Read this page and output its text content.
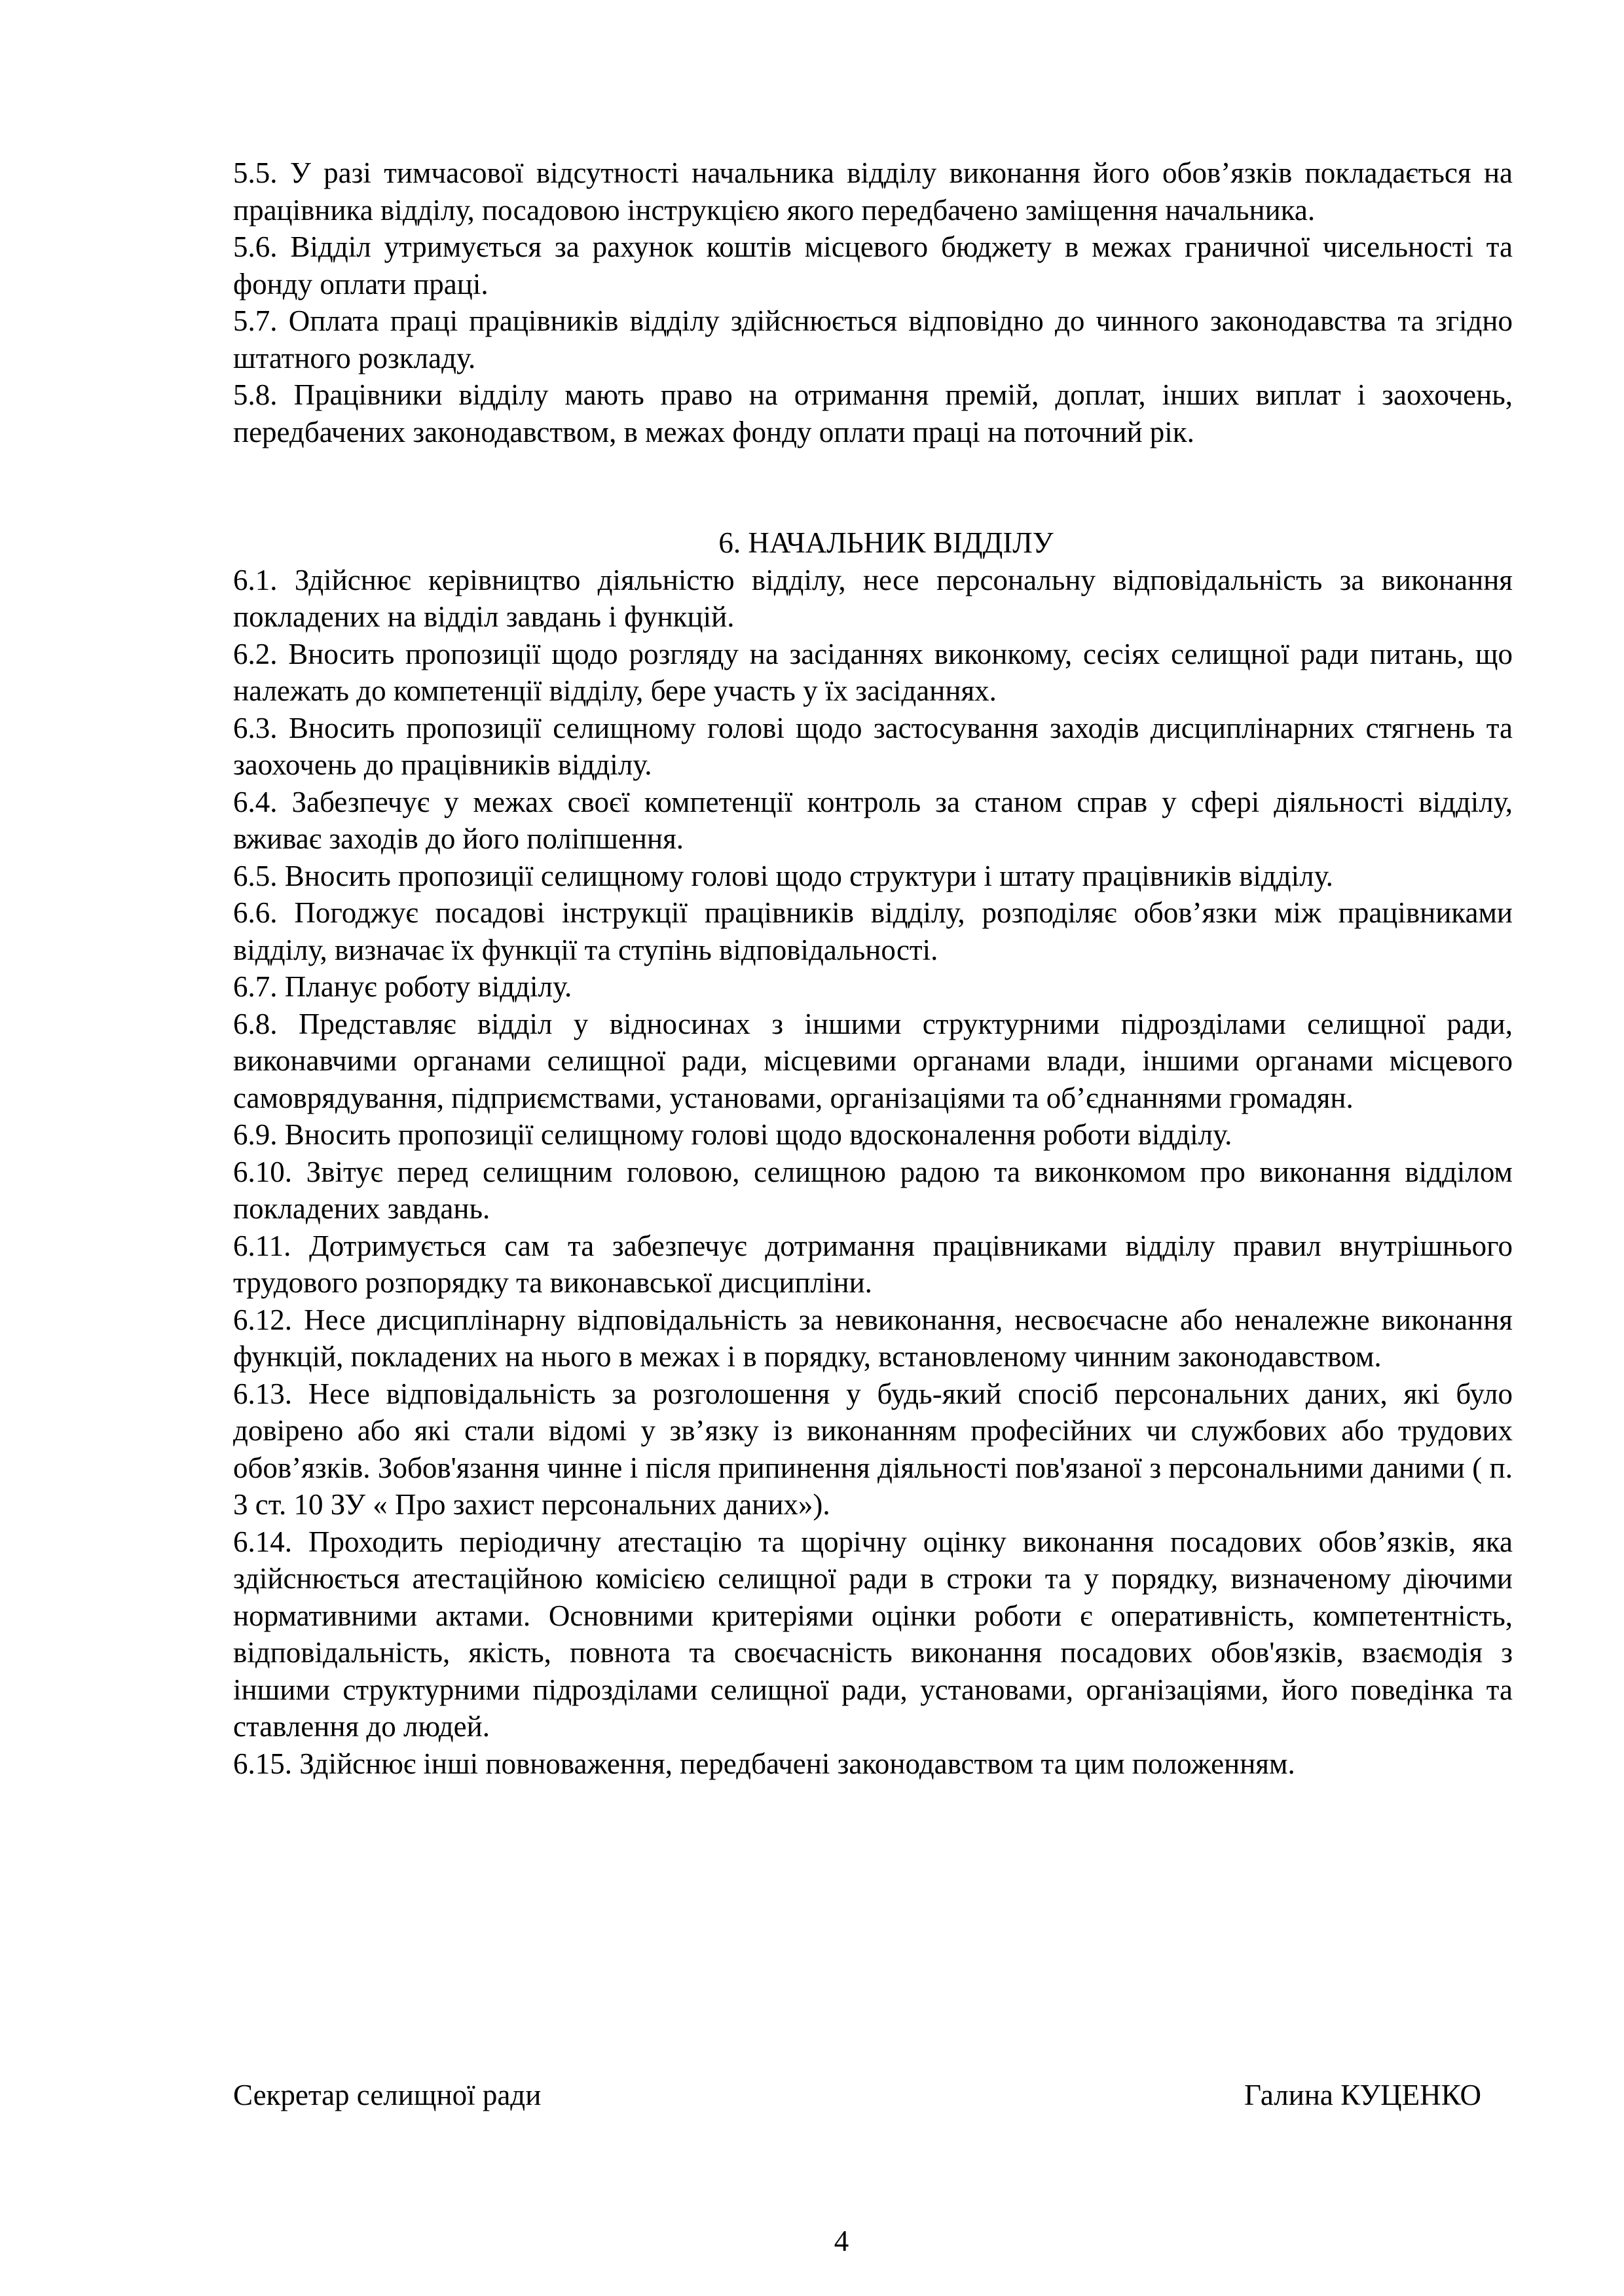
5.5. У разі тимчасової відсутності начальника відділу виконання його обов’язків покладається на працівника відділу, посадовою інструкцією якого передбачено заміщення начальника.

5.6. Відділ утримується за рахунок коштів місцевого бюджету в межах граничної чисельності та фонду оплати праці.

5.7. Оплата праці працівників відділу здійснюється відповідно до чинного законодавства та згідно штатного розкладу.

5.8. Працівники відділу мають право на отримання премій, доплат, інших виплат і заохочень, передбачених законодавством, в межах фонду оплати праці на поточний рік.

6. НАЧАЛЬНИК ВІДДІЛУ

6.1. Здійснює керівництво діяльністю відділу, несе персональну відповідальність за виконання покладених на відділ завдань і функцій.

6.2. Вносить пропозиції щодо розгляду на засіданнях виконкому, сесіях селищної ради питань, що належать до компетенції відділу, бере участь у їх засіданнях.

6.3. Вносить пропозиції селищному голові щодо застосування заходів дисциплінарних стягнень та заохочень до працівників відділу.

6.4. Забезпечує у межах своєї компетенції контроль за станом справ у сфері діяльності відділу, вживає заходів до його поліпшення.

6.5. Вносить пропозиції селищному голові щодо структури і штату працівників відділу.

6.6. Погоджує посадові інструкції працівників відділу, розподіляє обов’язки між працівниками відділу, визначає їх функції та ступінь відповідальності.

6.7. Планує роботу відділу.

6.8. Представляє відділ у відносинах з іншими структурними підрозділами селищної ради, виконавчими органами селищної ради, місцевими органами влади, іншими органами місцевого самоврядування, підприємствами, установами, організаціями та об’єднаннями громадян.

6.9. Вносить пропозиції селищному голові щодо вдосконалення роботи відділу.

6.10. Звітує перед селищним головою, селищною радою та виконкомом про виконання відділом покладених завдань.

6.11. Дотримується сам та забезпечує дотримання працівниками відділу правил внутрішнього трудового розпорядку та виконавської дисципліни.

6.12. Несе дисциплінарну відповідальність за невиконання, несвоєчасне або неналежне виконання функцій, покладених на нього в межах і в порядку, встановленому чинним законодавством.

6.13. Несе відповідальність за розголошення у будь-який спосіб персональних даних, які було довірено або які стали відомі у зв’язку із виконанням професійних чи службових або трудових обов’язків. Зобов'язання чинне і після припинення діяльності пов'язаної з персональними даними ( п. 3 ст. 10 ЗУ « Про захист персональних даних»).

6.14. Проходить періодичну атестацію та щорічну оцінку виконання посадових обов’язків, яка здійснюється атестаційною комісією селищної ради в строки та у порядку, визначеному діючими нормативними актами. Основними критеріями оцінки роботи є оперативність, компетентність, відповідальність, якість, повнота та своєчасність виконання посадових обов'язків, взаємодія з іншими структурними підрозділами селищної ради, установами, організаціями, його поведінка та ставлення до людей.

6.15. Здійснює інші повноваження, передбачені законодавством та цим положенням.

Секретар селищної ради	Галина КУЦЕНКО
4
